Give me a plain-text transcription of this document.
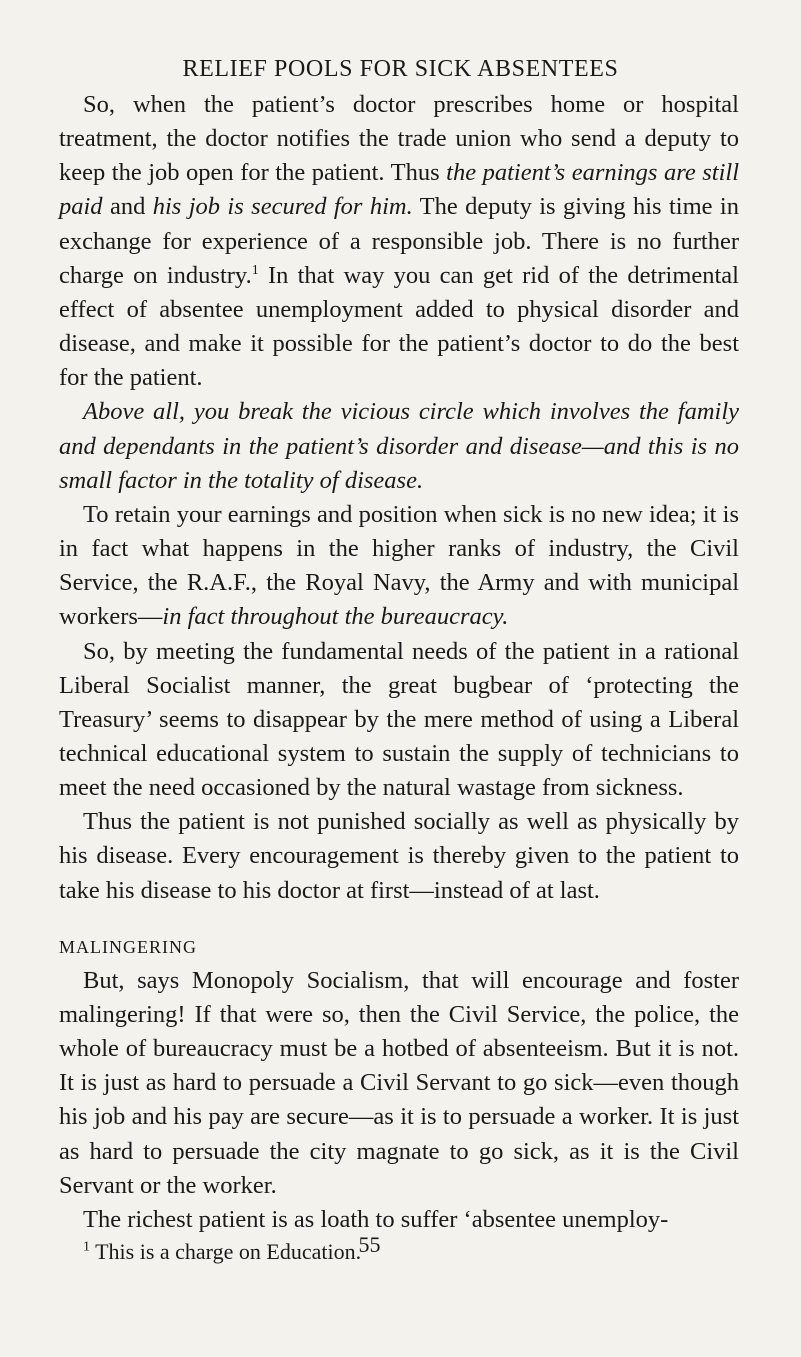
RELIEF POOLS FOR SICK ABSENTEES

So, when the patient’s doctor prescribes home or hospital treatment, the doctor notifies the trade union who send a deputy to keep the job open for the patient. Thus the patient’s earnings are still paid and his job is secured for him. The deputy is giving his time in exchange for experience of a responsible job. There is no further charge on industry.$^1$ In that way you can get rid of the detrimental effect of absentee unemployment added to physical disorder and disease, and make it possible for the patient’s doctor to do the best for the patient.

Above all, you break the vicious circle which involves the family and dependants in the patient’s disorder and disease—and this is no small factor in the totality of disease.

To retain your earnings and position when sick is no new idea; it is in fact what happens in the higher ranks of industry, the Civil Service, the R.A.F., the Royal Navy, the Army and with municipal workers—in fact throughout the bureaucracy.

So, by meeting the fundamental needs of the patient in a rational Liberal Socialist manner, the great bugbear of ‘protecting the Treasury’ seems to disappear by the mere method of using a Liberal technical educational system to sustain the supply of technicians to meet the need occasioned by the natural wastage from sickness.

Thus the patient is not punished socially as well as physically by his disease. Every encouragement is thereby given to the patient to take his disease to his doctor at first—instead of at last.

MALINGERING

But, says Monopoly Socialism, that will encourage and foster malingering! If that were so, then the Civil Service, the police, the whole of bureaucracy must be a hotbed of absenteeism. But it is not. It is just as hard to persuade a Civil Servant to go sick—even though his job and his pay are secure—as it is to persuade a worker. It is just as hard to persuade the city magnate to go sick, as it is the Civil Servant or the worker.

The richest patient is as loath to suffer ‘absentee unemploy-

$^1$ This is a charge on Education.

55
